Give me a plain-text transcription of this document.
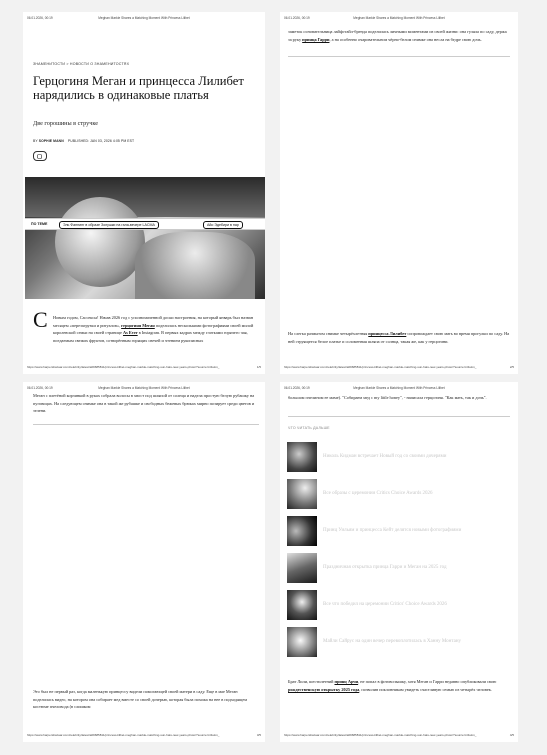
06.01.2026, 00:19	Meghan Markle Shares a Matching Moment With Princess Lilibet
ЗНАМЕНИТОСТИ > НОВОСТИ О ЗНАМЕНИТОСТЯХ
Герцогиня Меган и принцесса Лилибет нарядились в одинаковые платья
Две горошины в стручке
BY SOPHIE MANN PUBLISHED: JAN 03, 2026 4:05 PM EST
ПО ТЕМЕ	Эль Фаннинг в образе Золушки на гала-вечере LACMA	Айо Эдебири в нар
С Новым годом, Сассексы! Начав 2026 год с уполномаченной доски настроения, на который январь был назван месяцем «перезагрузки и ритуалов», герцогиня Меган поделилась несколькими фотографиями своей милой королевской семьи на своей странице As Ever в Instagram. В первых кадрах между глотками горячего чая, поедаемым свежих фруктов, сотворённым горящих свечей и чтением рукописных
https://www.harpersbazaar.com/celebrity/latest/a69685811/princess-lilibet-meghan-markle-matching-sun-hats-new-years-photo/?source=nl&utm_	1/5
06.01.2026, 00:19	Meghan Markle Shares a Matching Moment With Princess Lilibet
заметок основательница лайфстайл-бренда поделилась личными моментами из своей жизни: она гуляла по саду, держа за руку принца Гарри, а на особенно очаровательном чёрно-белом снимке она несла на бедре свою дочь.
На слегка размытом снимке четырёхлетняя принцесса Лилибет сопровождает свою мать во время прогулки по саду. На ней струящееся белое платье и соломенная шляпа от солнца, такая же, как у герцогини.
https://www.harpersbazaar.com/celebrity/latest/a69685811/princess-lilibet-meghan-markle-matching-sun-hats-new-years-photo/?source=nl&utm_	2/5
06.01.2026, 00:19	Meghan Markle Shares a Matching Moment With Princess Lilibet
Меган с плетёной корзинкой в руках собрала волосы в хвост под шляпой от солнца и надела простую белую рубашку на пуговицах. На следующем снимке она в такой же рубашке и свободных бежевых брюках мирно позирует среди цветов и зелени.
Это был не первый раз, когда маленькую принцессу видели помогающей своей матери в саду. Еще в мае Меган поделилась видео, на котором она собирает мед вместе со своей дочерью, которая была похожа на нее в подходящем костюме пчеловода (в слишком
https://www.harpersbazaar.com/celebrity/latest/a69685811/princess-lilibet-meghan-markle-matching-sun-hats-new-years-photo/?source=nl&utm_	3/5
06.01.2026, 00:19	Meghan Markle Shares a Matching Moment With Princess Lilibet
большом пчелином ее маме). "Собираем мед с my little honey", - написала герцогиня. "Как мать, так и дочь".
ЧТО ЧИТАТЬ ДАЛЬШЕ
Николь Кидман встречает Новый год со своими дочерями
Все образы с церемонии Critics Choice Awards 2026
Принц Уильям и принцесса Кейт делятся новыми фотографиями
Праздничная открытка принца Гарри и Меган на 2025 год
Все что победил на церемонии Critics' Choice Awards 2026
Майли Сайрус на один вечер перевоплотилась в Ханну Монтану
Брат Лили, шестилетний принц Арчи, не попал в фотовспышку, хотя Меган и Гарри недавно опубликовали свою рождественскую открытку 2025 года, позволив поклонникам увидеть счастливую семью из четырёх человек.
https://www.harpersbazaar.com/celebrity/latest/a69685811/princess-lilibet-meghan-markle-matching-sun-hats-new-years-photo/?source=nl&utm_	4/5
